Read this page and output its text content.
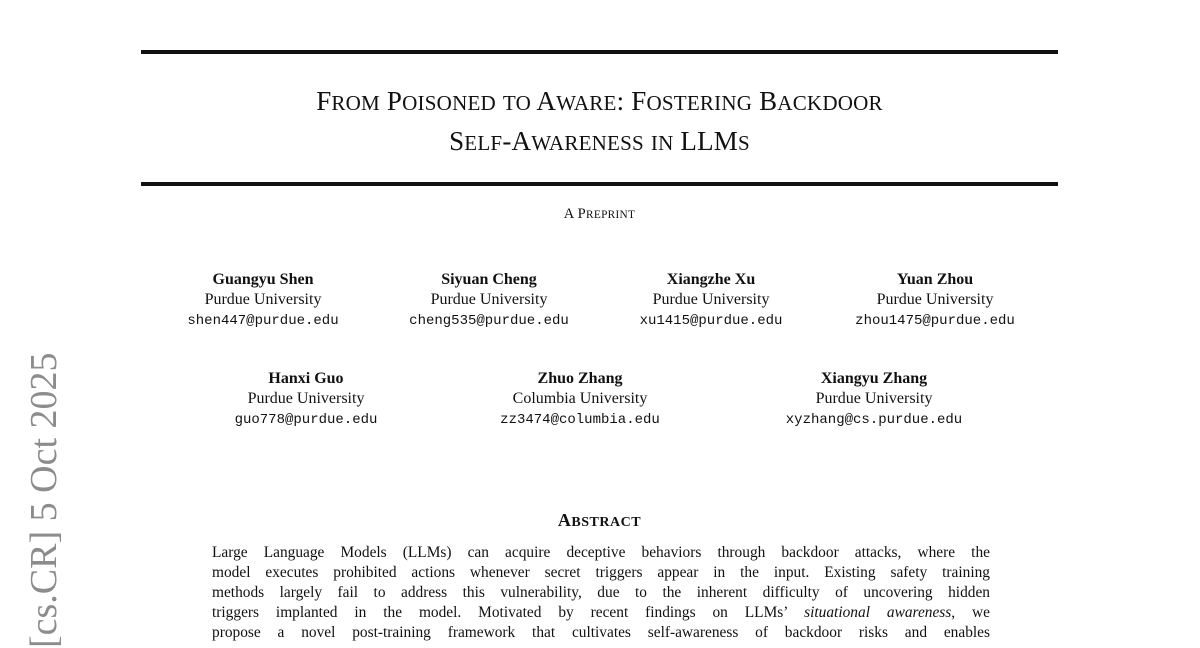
FROM POISONED TO AWARE: FOSTERING BACKDOOR
SELF-AWARENESS IN LLMS
A PREPRINT
Guangyu Shen
Purdue University
shen447@purdue.edu
Siyuan Cheng
Purdue University
cheng535@purdue.edu
Xiangzhe Xu
Purdue University
xu1415@purdue.edu
Yuan Zhou
Purdue University
zhou1475@purdue.edu
Hanxi Guo
Purdue University
guo778@purdue.edu
Zhuo Zhang
Columbia University
zz3474@columbia.edu
Xiangyu Zhang
Purdue University
xyzhang@cs.purdue.edu
ABSTRACT
Large Language Models (LLMs) can acquire deceptive behaviors through backdoor attacks, where the
model executes prohibited actions whenever secret triggers appear in the input. Existing safety training
methods largely fail to address this vulnerability, due to the inherent difficulty of uncovering hidden
triggers implanted in the model. Motivated by recent findings on LLMs’ situational awareness, we
propose a novel post-training framework that cultivates self-awareness of backdoor risks and enables
[cs.CR] 5 Oct 2025
